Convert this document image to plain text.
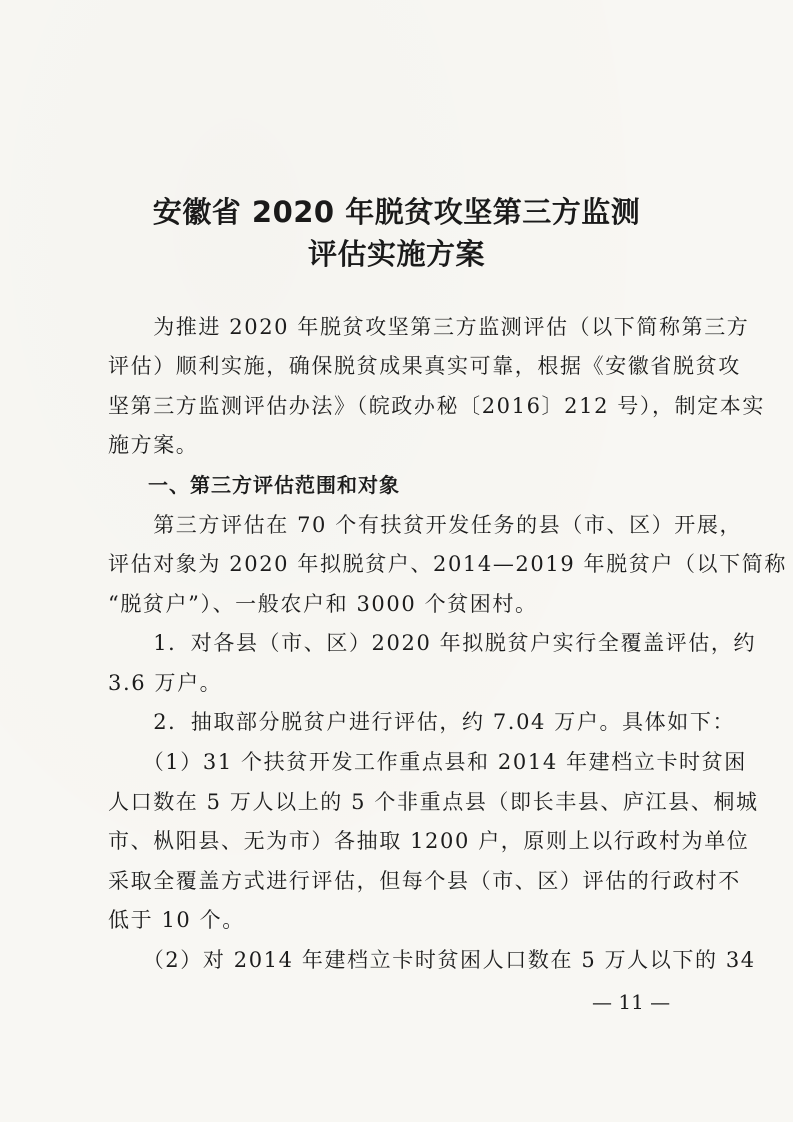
安徽省 2020 年脱贫攻坚第三方监测
评估实施方案
　　为推进 2020 年脱贫攻坚第三方监测评估（以下简称第三方
评估）顺利实施，确保脱贫成果真实可靠，根据《安徽省脱贫攻
坚第三方监测评估办法》（皖政办秘〔2016〕212 号），制定本实
施方案。
一、第三方评估范围和对象
　　第三方评估在 70 个有扶贫开发任务的县（市、区）开展，
评估对象为 2020 年拟脱贫户、2014—2019 年脱贫户（以下简称
“脱贫户”）、一般农户和 3000 个贫困村。
　　1．对各县（市、区）2020 年拟脱贫户实行全覆盖评估，约
3.6 万户。
　　2．抽取部分脱贫户进行评估，约 7.04 万户。具体如下：
　　（1）31 个扶贫开发工作重点县和 2014 年建档立卡时贫困
人口数在 5 万人以上的 5 个非重点县（即长丰县、庐江县、桐城
市、枞阳县、无为市）各抽取 1200 户，原则上以行政村为单位
采取全覆盖方式进行评估，但每个县（市、区）评估的行政村不
低于 10 个。
　　（2）对 2014 年建档立卡时贫困人口数在 5 万人以下的 34
— 11 —
